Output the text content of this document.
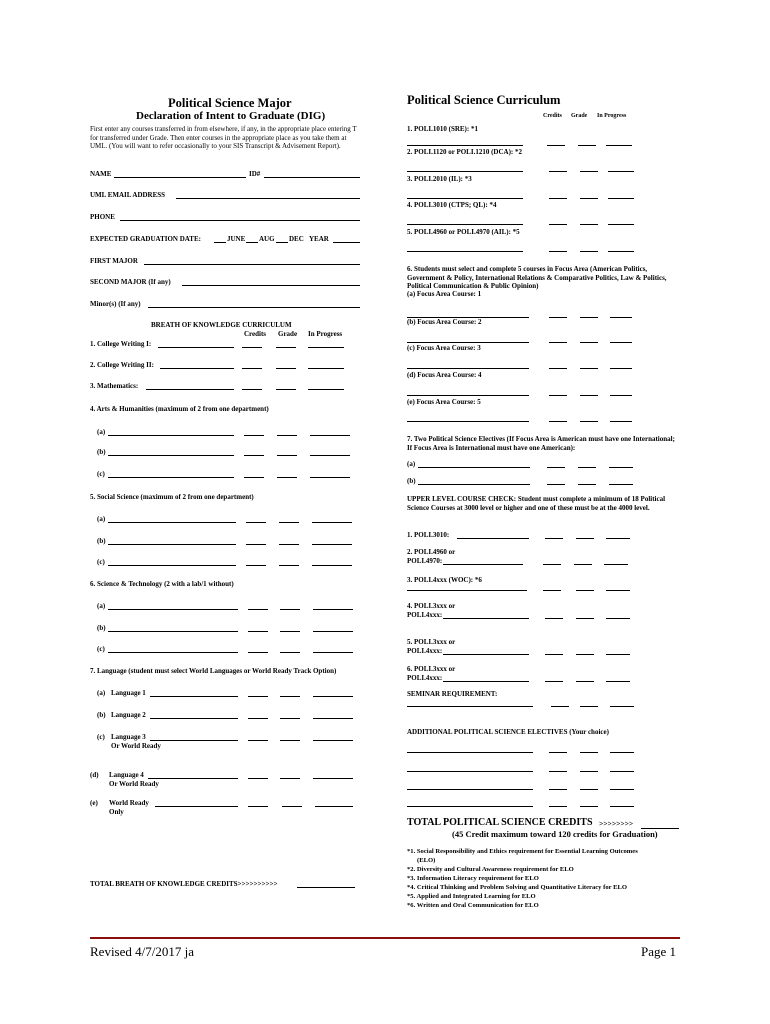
Political Science Major
Declaration of Intent to Graduate (DIG)
First enter any courses transferred in from elsewhere, if any, in the appropriate place entering T for transferred under Grade. Then enter courses in the appropriate place as you take them at UML. (You will want to refer occasionally to your SIS Transcript & Advisement Report).
NAME	ID#
UML EMAIL ADDRESS
PHONE
EXPECTED GRADUATION DATE:	JUNE AUG DEC YEAR
FIRST MAJOR
SECOND MAJOR (If any)
Minor(s) (If any)
BREATH OF KNOWLEDGE CURRICULUM
Credits Grade In Progress
1. College Writing I:
2. College Writing II:
3. Mathematics:
4. Arts & Humanities (maximum of 2 from one department)
(a)
(b)
(c)
5. Social Science (maximum of 2 from one department)
(a)
(b)
(c)
6. Science & Technology (2 with a lab/1 without)
(a)
(b)
(c)
7. Language (student must select World Languages or World Ready Track Option)
(a) Language 1
(b) Language 2
(c) Language 3
Or World Ready
(d) Language 4
Or World Ready
(e) World Ready
Only
TOTAL BREATH OF KNOWLEDGE CREDITS>>>>>>>>>>
Political Science Curriculum
Credits Grade In Progress
1. POLI.1010 (SRE): *1
2. POLI.1120 or POLI.1210 (DCA): *2
3. POLI.2010 (IL): *3
4. POLI.3010 (CTPS; QL): *4
5. POLI.4960 or POLI.4970 (AIL): *5
6. Students must select and complete 5 courses in Focus Area (American Politics, Government & Policy, International Relations & Comparative Politics, Law & Politics, Political Communication & Public Opinion)
(a) Focus Area Course: 1
(b) Focus Area Course: 2
(c) Focus Area Course: 3
(d) Focus Area Course: 4
(e) Focus Area Course: 5
7. Two Political Science Electives (If Focus Area is American must have one International; If Focus Area is International must have one American):
(a)
(b)
UPPER LEVEL COURSE CHECK: Student must complete a minimum of 18 Political Science Courses at 3000 level or higher and one of these must be at the 4000 level.
1. POLI.3010:
2. POLI.4960 or
POLI.4970:
3. POLI.4xxx (WOC): *6
4. POLI.3xxx or
POLI.4xxx:
5. POLI.3xxx or
POLI.4xxx:
6. POLI.3xxx or
POLI.4xxx:
SEMINAR REQUIREMENT:
ADDITIONAL POLITICAL SCIENCE ELECTIVES (Your choice)
TOTAL POLITICAL SCIENCE CREDITS >>>>>>>>
(45 Credit maximum toward 120 credits for Graduation)
*1. Social Responsibility and Ethics requirement for Essential Learning Outcomes
(ELO)
*2. Diversity and Cultural Awareness requirement for ELO
*3. Information Literacy requirement for ELO
*4. Critical Thinking and Problem Solving and Quantitative Literacy for ELO
*5. Applied and Integrated Learning for ELO
*6. Written and Oral Communication for ELO
Revised 4/7/2017 ja	Page 1
